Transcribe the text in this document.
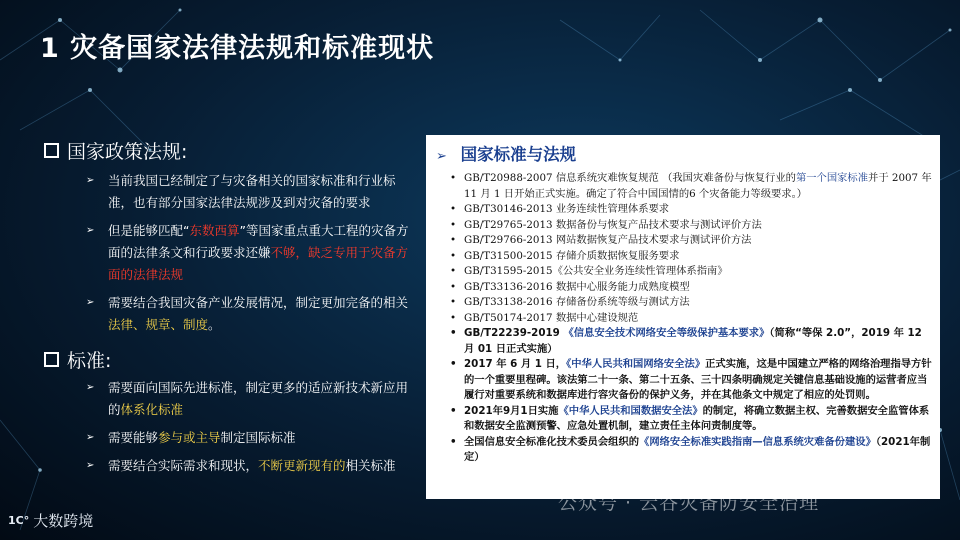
1 灾备国家法律法规和标准现状
国家政策法规:
➢ 当前我国已经制定了与灾备相关的国家标准和行业标准，也有部分国家法律法规涉及到对灾备的要求
➢ 但是能够匹配“东数西算”等国家重点重大工程的灾备方面的法律条文和行政要求还嫌不够，缺乏专用于灾备方面的法律法规
➢ 需要结合我国灾备产业发展情况，制定更加完备的相关法律、规章、制度。
标准:
➢ 需要面向国际先进标准，制定更多的适应新技术新应用的体系化标准
➢ 需要能够参与或主导制定国际标准
➢ 需要结合实际需求和现状，不断更新现有的相关标准
➢ 国家标准与法规
• GB/T20988-2007 信息系统灾难恢复规范 （我国灾难备份与恢复行业的第一个国家标准并于 2007 年 11 月 1 日开始正式实施。确定了符合中国国情的6 个灾备能力等级要求。）
• GB/T30146-2013 业务连续性管理体系要求
• GB/T29765-2013 数据备份与恢复产品技术要求与测试评价方法
• GB/T29766-2013 网站数据恢复产品技术要求与测试评价方法
• GB/T31500-2015 存储介质数据恢复服务要求
• GB/T31595-2015《公共安全业务连续性管理体系指南》
• GB/T33136-2016 数据中心服务能力成熟度模型
• GB/T33138-2016 存储备份系统等级与测试方法
• GB/T50174-2017 数据中心建设规范
• GB/T22239-2019 《信息安全技术网络安全等级保护基本要求》（简称“等保 2.0”，2019 年 12 月 01 日正式实施）
• 2017 年 6 月 1 日，《中华人民共和国网络安全法》正式实施，这是中国建立严格的网络治理指导方针的一个重要里程碑。该法第二十一条、第二十五条、三十四条明确规定关键信息基础设施的运营者应当履行对重要系统和数据库进行容灾备份的保护义务，并在其他条文中规定了相应的处罚则。
• 2021年9月1日实施《中华人民共和国数据安全法》的制定，将确立数据主权、完善数据安全监管体系和数据安全监测预警、应急处置机制，建立责任主体问责制度等。
• 全国信息安全标准化技术委员会组织的《网络安全标准实践指南—信息系统灾难备份建设》（2021年制定）
公众号 · 云谷灾备防安全治理
1C° 大数跨境
